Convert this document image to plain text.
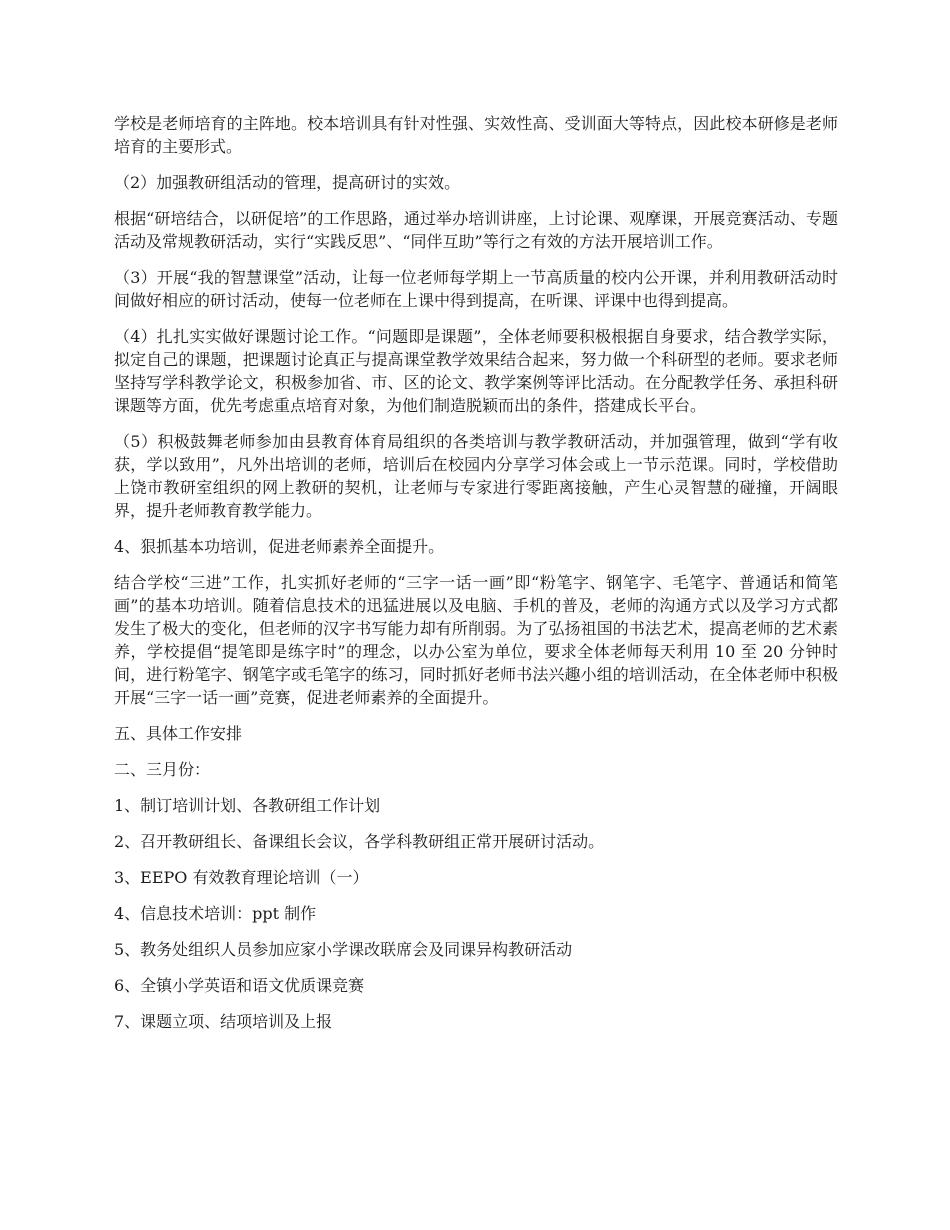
学校是老师培育的主阵地。校本培训具有针对性强、实效性高、受训面大等特点，因此校本研修是老师培育的主要形式。

（2）加强教研组活动的管理，提高研讨的实效。

根据“研培结合，以研促培”的工作思路，通过举办培训讲座，上讨论课、观摩课，开展竞赛活动、专题活动及常规教研活动，实行“实践反思”、“同伴互助”等行之有效的方法开展培训工作。

（3）开展“我的智慧课堂”活动，让每一位老师每学期上一节高质量的校内公开课，并利用教研活动时间做好相应的研讨活动，使每一位老师在上课中得到提高，在听课、评课中也得到提高。

（4）扎扎实实做好课题讨论工作。“问题即是课题”，全体老师要积极根据自身要求，结合教学实际，拟定自己的课题，把课题讨论真正与提高课堂教学效果结合起来，努力做一个科研型的老师。要求老师坚持写学科教学论文，积极参加省、市、区的论文、教学案例等评比活动。在分配教学任务、承担科研课题等方面，优先考虑重点培育对象，为他们制造脱颖而出的条件，搭建成长平台。

（5）积极鼓舞老师参加由县教育体育局组织的各类培训与教学教研活动，并加强管理，做到“学有收获，学以致用”，凡外出培训的老师，培训后在校园内分享学习体会或上一节示范课。同时，学校借助上饶市教研室组织的网上教研的契机，让老师与专家进行零距离接触，产生心灵智慧的碰撞，开阔眼界，提升老师教育教学能力。

4、狠抓基本功培训，促进老师素养全面提升。

结合学校“三进”工作，扎实抓好老师的“三字一话一画”即“粉笔字、钢笔字、毛笔字、普通话和简笔画”的基本功培训。随着信息技术的迅猛进展以及电脑、手机的普及，老师的沟通方式以及学习方式都发生了极大的变化，但老师的汉字书写能力却有所削弱。为了弘扬祖国的书法艺术，提高老师的艺术素养，学校提倡“提笔即是练字时”的理念，以办公室为单位，要求全体老师每天利用 10 至 20 分钟时间，进行粉笔字、钢笔字或毛笔字的练习，同时抓好老师书法兴趣小组的培训活动，在全体老师中积极开展“三字一话一画”竞赛，促进老师素养的全面提升。

五、具体工作安排

二、三月份：

1、制订培训计划、各教研组工作计划

2、召开教研组长、备课组长会议，各学科教研组正常开展研讨活动。

3、EEPO 有效教育理论培训（一）

4、信息技术培训：ppt 制作

5、教务处组织人员参加应家小学课改联席会及同课异构教研活动

6、全镇小学英语和语文优质课竞赛

7、课题立项、结项培训及上报
